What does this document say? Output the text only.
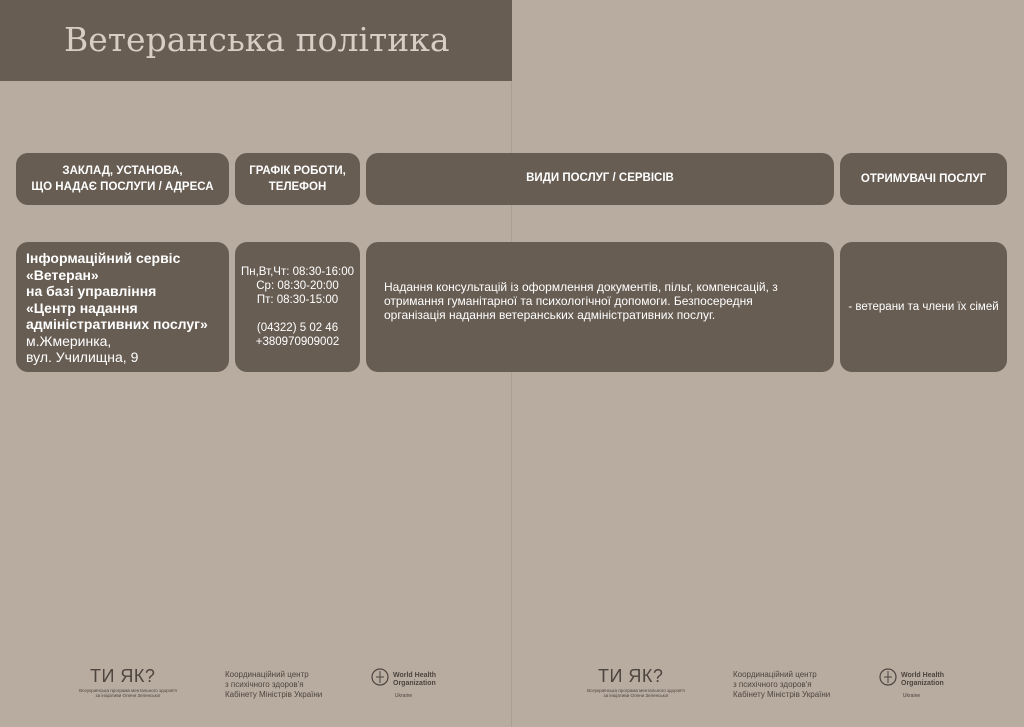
Ветеранська політика
ЗАКЛАД, УСТАНОВА,
ЩО НАДАЄ ПОСЛУГИ / АДРЕСА
ГРАФІК РОБОТИ,
ТЕЛЕФОН
ВИДИ ПОСЛУГ / СЕРВІСІВ	ОТРИМУВАЧІ ПОСЛУГ
Інформаційний сервіс
«Ветеран»
на базі управління
«Центр надання
адміністративних послуг»
м.Жмеринка,
вул. Училищна, 9
Пн,Вт,Чт: 08:30-16:00
Ср: 08:30-20:00
Пт: 08:30-15:00
(04322) 5 02 46
+380970909002
Надання консультацій із оформлення документів, пільг, компенсацій, з отримання гуманітарної та психологічної допомоги. Безпосередня організація надання ветеранських адміністративних послуг.
- ветерани та члени їх сімей
ТИ ЯК?
Всеукраїнська програма ментального здоров'я за ініціативи Олени Зеленської
Координаційний центр
з психічного здоров'я
Кабінету Міністрів України
World Health
Organization
Ukraine
ТИ ЯК?
Всеукраїнська програма ментального здоров'я за ініціативи Олени Зеленської
Координаційний центр
з психічного здоров'я
Кабінету Міністрів України
World Health
Organization
Ukraine
